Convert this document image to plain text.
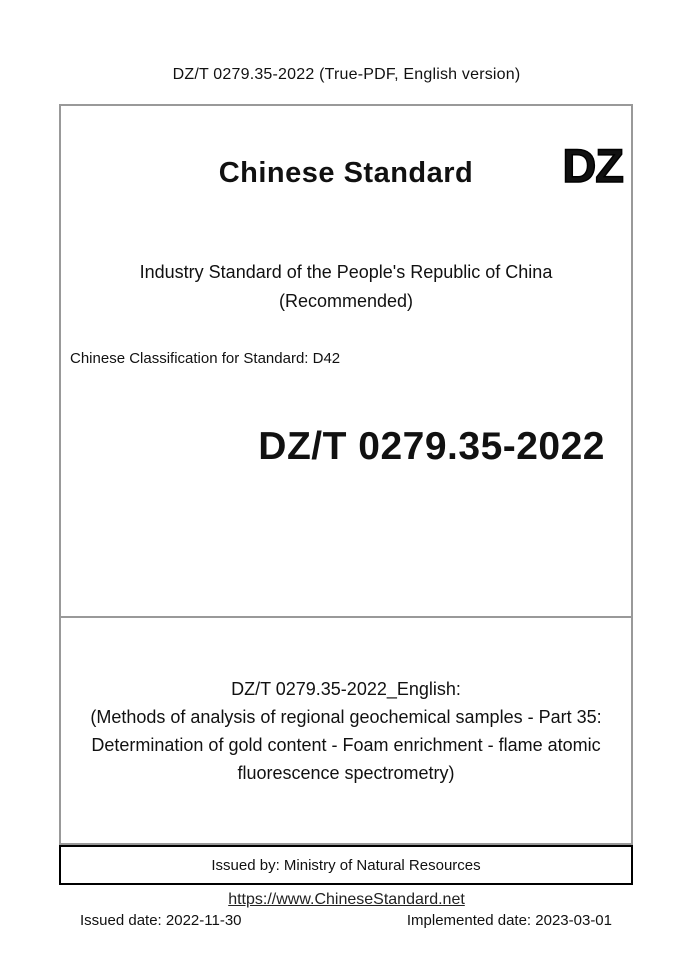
DZ/T 0279.35-2022 (True-PDF, English version)
Chinese Standard	DZ
Industry Standard of the People's Republic of China
(Recommended)
Chinese Classification for Standard: D42
DZ/T 0279.35-2022
DZ/T 0279.35-2022_English:
(Methods of analysis of regional geochemical samples - Part 35: Determination of gold content - Foam enrichment - flame atomic fluorescence spectrometry)
Issued date: 2022-11-30	Implemented date: 2023-03-01
Issued by: Ministry of Natural Resources
https://www.ChineseStandard.net
